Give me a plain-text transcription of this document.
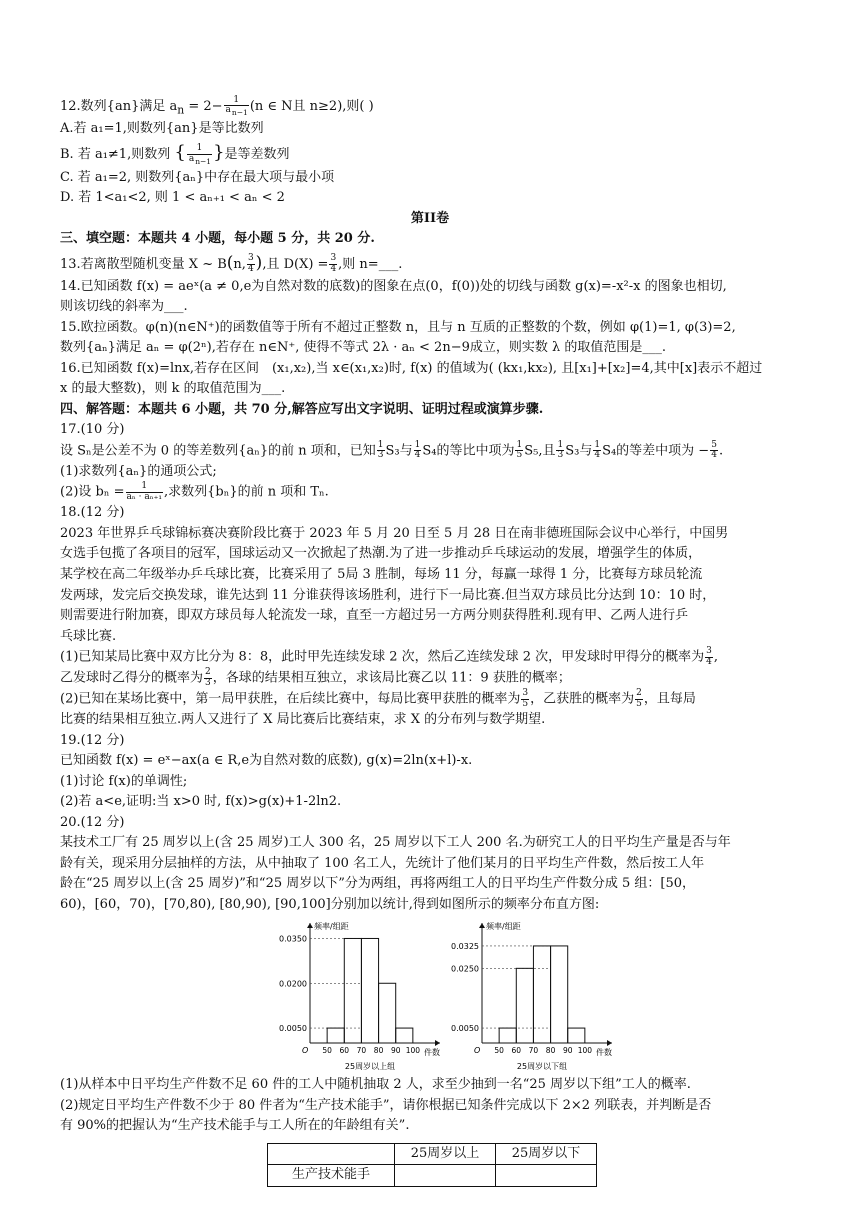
12.数列{an}满足 $a_n = 2- \frac{1}{a_{n-1}} (n$ ∈ N且 n≥2),则( )
A.若 a₁=1,则数列{an}是等比数列
B. 若 a₁≠1,则数列 { $\frac{1}{a_{n-1}}$ }是等差数列
C. 若 a₁=2, 则数列{aₙ}中存在最大项与最小项
D. 若 1<a₁<2, 则 1 < aₙ₊₁ < aₙ < 2
第II卷
三、填空题：本题共 4 小题，每小题 5 分，共 20 分.
13.若离散型随机变量 X ~ B(n, $\frac{3}{4}$ ),且 $D(X) = \frac{3}{4}$ ,则 n=___.
14.已知函数 f(x) = aeˣ(a ≠ 0,e为自然对数的底数)的图象在点(0，f(0))处的切线与函数 g(x)=-x²-x 的图象也相切,
则该切线的斜率为___.
15.欧拉函数。φ(n)(n∈N⁺)的函数值等于所有不超过正整数 n，且与 n 互质的正整数的个数，例如 φ(1)=1, φ(3)=2,
数列{aₙ}满足 aₙ = φ(2ⁿ),若存在 n∈N⁺, 使得不等式 2λ · aₙ < 2n−9成立，则实数 λ 的取值范围是___.
16.已知函数 f(x)=lnx,若存在区间　(x₁,x₂),当 x∈(x₁,x₂)时, f(x) 的值域为( (kx₁,kx₂), 且[x₁]+[x₂]=4,其中[x]表示不超过
x 的最大整数)，则 k 的取值范围为___.
四、解答题：本题共 6 小题，共 70 分,解答应写出文字说明、证明过程或演算步骤.
17.(10 分)
设 Sₙ是公差不为 0 的等差数列{aₙ}的前 n 项和，已知 $\frac{1}{3} S_3$与 $\frac{1}{4} S_4$的等比中项为 $\frac{1}{5} S_5$,且 $\frac{1}{3} S_3$与 $\frac{1}{4} S_4$的等差中项为 − $\frac{5}{4}$ .
(1)求数列{aₙ}的通项公式;
(2)设 $b_n = \frac{1}{\text{aₙ · aₙ₊₁}}$ ,求数列{bₙ}的前 n 项和 Tₙ.
18.(12 分)
2023 年世界乒乓球锦标赛决赛阶段比赛于 2023 年 5 月 20 日至 5 月 28 日在南非德班国际会议中心举行，中国男
女选手包揽了各项目的冠军，国球运动又一次掀起了热潮.为了进一步推动乒乓球运动的发展，增强学生的体质，
某学校在高二年级举办乒乓球比赛，比赛采用了 5局 3 胜制，每场 11 分，每赢一球得 1 分，比赛每方球员轮流
发两球，发完后交换发球，谁先达到 11 分谁获得该场胜利，进行下一局比赛.但当双方球员比分达到 10：10 时，
则需要进行附加赛，即双方球员每人轮流发一球，直至一方超过另一方两分则获得胜利.现有甲、乙两人进行乒
乓球比赛.
(1)已知某局比赛中双方比分为 8：8，此时甲先连续发球 2 次，然后乙连续发球 2 次，甲发球时甲得分的概率为 $\frac{3}{4}$ ,
乙发球时乙得分的概率为 $\frac{2}{3}$ ，各球的结果相互独立，求该局比赛乙以 11：9 获胜的概率；
(2)已知在某场比赛中，第一局甲获胜，在后续比赛中，每局比赛甲获胜的概率为 $\frac{3}{5}$ ，乙获胜的概率为 $\frac{2}{5}$ ，且每局
比赛的结果相互独立.两人又进行了 X 局比赛后比赛结束，求 X 的分布列与数学期望.
19.(12 分)
已知函数 f(x) = eˣ−ax(a ∈ R,e为自然对数的底数), g(x)=2ln(x+l)-x.
(1)讨论 f(x)的单调性;
(2)若 a<e,证明:当 x>0 时, f(x)>g(x)+1-2ln2.
20.(12 分)
某技术工厂有 25 周岁以上(含 25 周岁)工人 300 名，25 周岁以下工人 200 名.为研究工人的日平均生产量是否与年
龄有关，现采用分层抽样的方法，从中抽取了 100 名工人，先统计了他们某月的日平均生产件数，然后按工人年
龄在“25 周岁以上(含 25 周岁)”和“25 周岁以下”分为两组，再将两组工人的日平均生产件数分成 5 组：[50，
60)，[60，70)，[70,80), [80,90), [90,100]分别加以统计,得到如图所示的频率分布直方图:
频率/组距
件数
O
25周岁以上组
0.0050
0.0200
0.0350
50 60 70 80 90 100
频率/组距
件数
O
25周岁以下组
0.0050
0.0250
0.0325
50 60 70 80 90 100
(1)从样本中日平均生产件数不足 60 件的工人中随机抽取 2 人，求至少抽到一名“25 周岁以下组”工人的概率.
(2)规定日平均生产件数不少于 80 件者为“生产技术能手”，请你根据已知条件完成以下 2×2 列联表，并判断是否
有 90%的把握认为“生产技术能手与工人所在的年龄组有关”.
	25周岁以上	25周岁以下
生产技术能手		
